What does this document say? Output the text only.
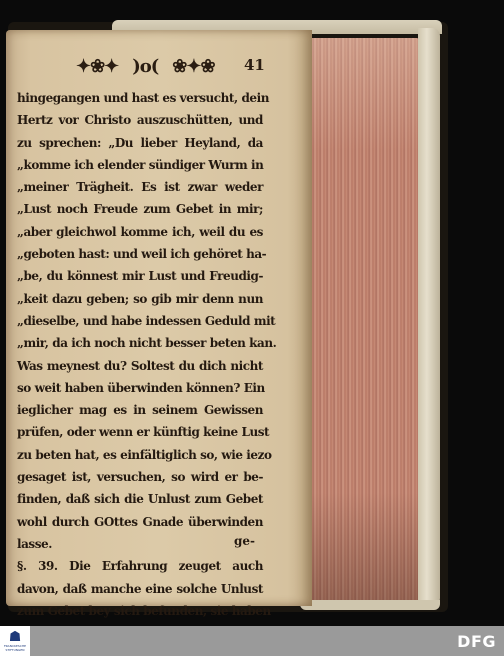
✦❀✦ )o( ❀✦❀ 41
hingegangen und hast es versucht, dein
Hertz vor Christo auszuschütten, und
zu sprechen: „Du lieber Heyland, da
„komme ich elender sündiger Wurm in
„meiner Trägheit. Es ist zwar weder
„Lust noch Freude zum Gebet in mir;
„aber gleichwol komme ich, weil du es
„geboten hast: und weil ich gehöret ha-
„be, du könnest mir Lust und Freudig-
„keit dazu geben; so gib mir denn nun
„dieselbe, und habe indessen Geduld mit
„mir, da ich noch nicht besser beten kan.
Was meynest du? Soltest du dich nicht
so weit haben überwinden können? Ein
ieglicher mag es in seinem Gewissen
prüfen, oder wenn er künftig keine Lust
zu beten hat, es einfältiglich so, wie iezo
gesaget ist, versuchen, so wird er be-
finden, daß sich die Unlust zum Gebet
wohl durch GOttes Gnade überwinden
lasse.
§. 39. Die Erfahrung zeuget auch
davon, daß manche eine solche Unlust
zum Gebet bey sich befunden, sie haben
ge-
☗
FRANCKESCHE STIFTUNGEN	DFG
